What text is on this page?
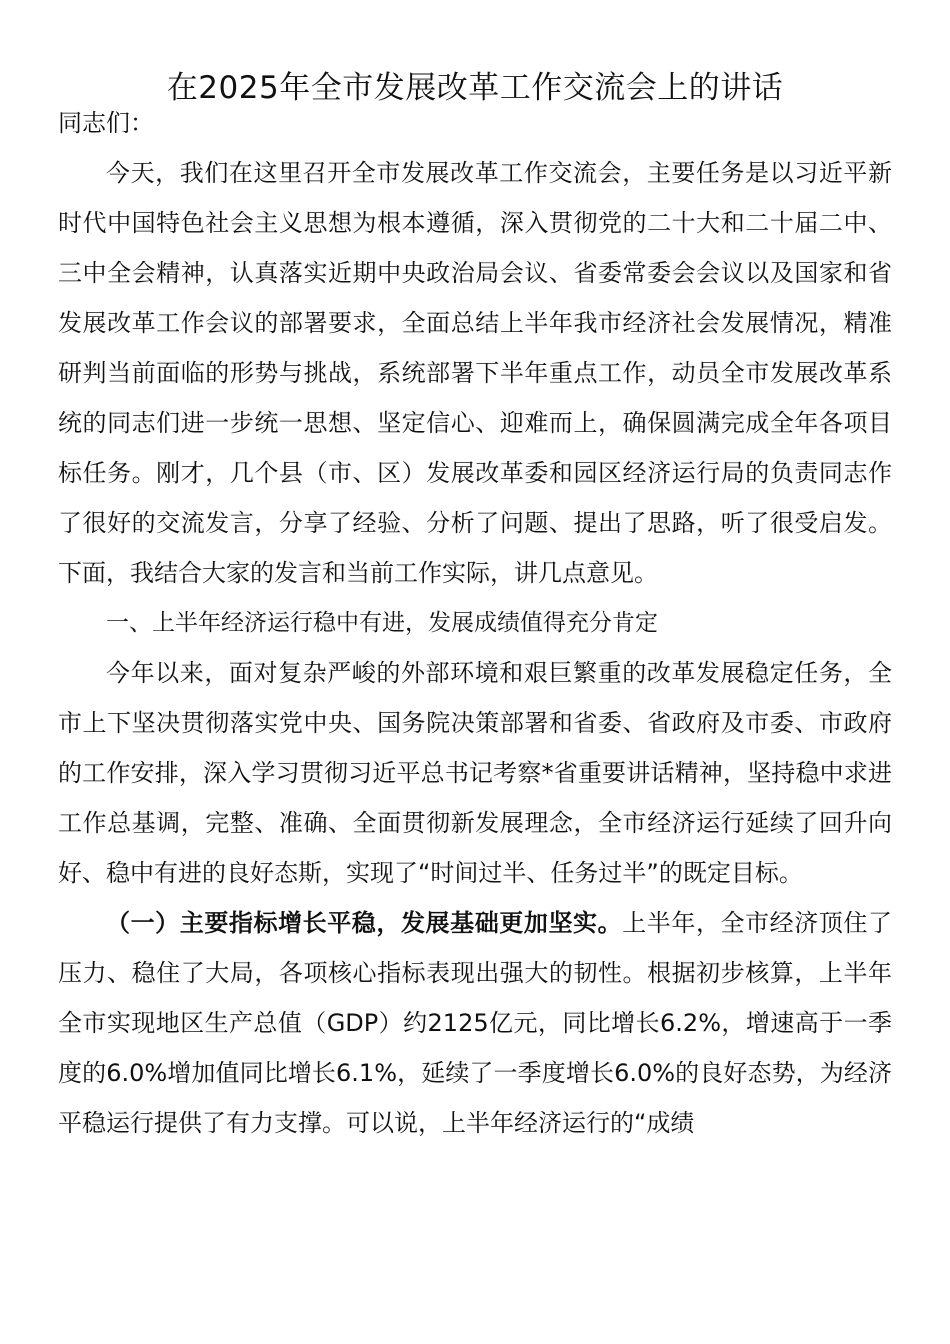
在2025年全市发展改革工作交流会上的讲话

同志们：

今天，我们在这里召开全市发展改革工作交流会，主要任务是以习近平新时代中国特色社会主义思想为根本遵循，深入贯彻党的二十大和二十届二中、三中全会精神，认真落实近期中央政治局会议、省委常委会会议以及国家和省发展改革工作会议的部署要求，全面总结上半年我市经济社会发展情况，精准研判当前面临的形势与挑战，系统部署下半年重点工作，动员全市发展改革系统的同志们进一步统一思想、坚定信心、迎难而上，确保圆满完成全年各项目标任务。刚才，几个县（市、区）发展改革委和园区经济运行局的负责同志作了很好的交流发言，分享了经验、分析了问题、提出了思路，听了很受启发。下面，我结合大家的发言和当前工作实际，讲几点意见。

一、上半年经济运行稳中有进，发展成绩值得充分肯定

今年以来，面对复杂严峻的外部环境和艰巨繁重的改革发展稳定任务，全市上下坚决贯彻落实党中央、国务院决策部署和省委、省政府及市委、市政府的工作安排，深入学习贯彻习近平总书记考察*省重要讲话精神，坚持稳中求进工作总基调，完整、准确、全面贯彻新发展理念，全市经济运行延续了回升向好、稳中有进的良好态斯，实现了“时间过半、任务过半”的既定目标。

（一）主要指标增长平稳，发展基础更加坚实。上半年，全市经济顶住了压力、稳住了大局，各项核心指标表现出强大的韧性。根据初步核算，上半年全市实现地区生产总值（GDP）约2125亿元，同比增长6.2%，增速高于一季度的6.0%增加值同比增长6.1%，延续了一季度增长6.0%的良好态势，为经济平稳运行提供了有力支撑。可以说，上半年经济运行的“成绩
